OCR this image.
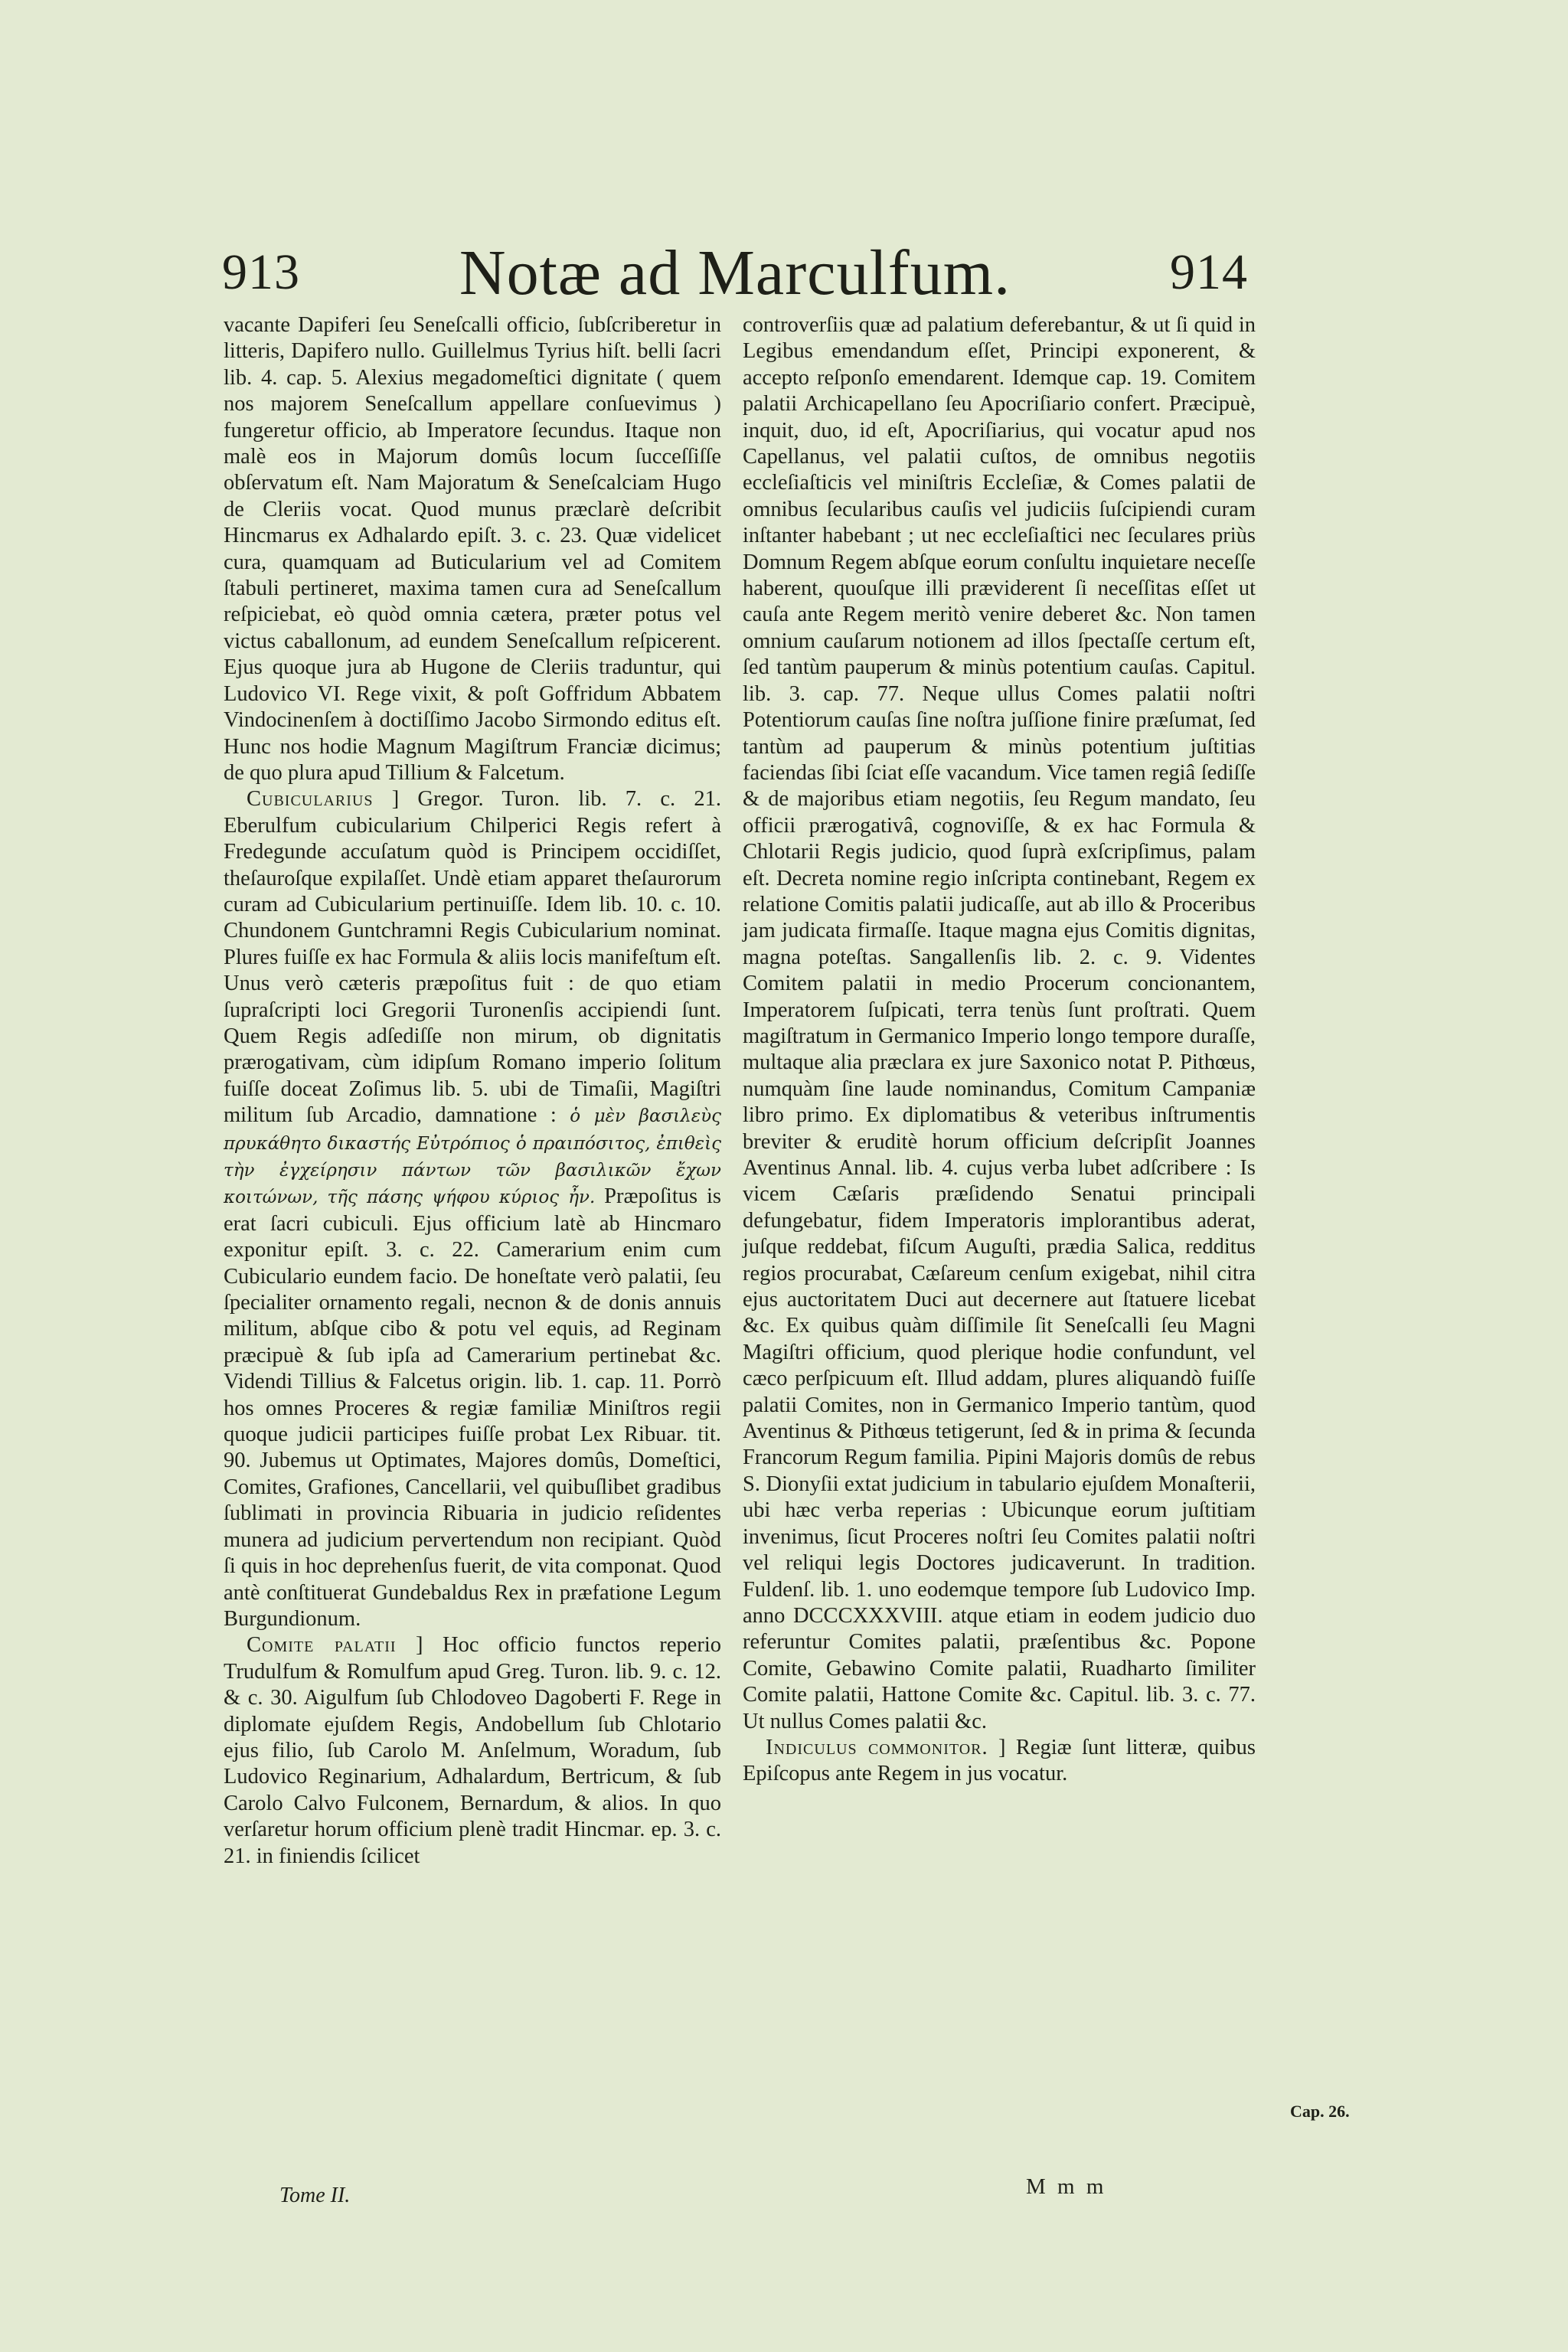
913	Notæ ad Marculfum.	914

vacante Dapiferi ſeu Seneſcalli officio, ſubſcriberetur in litteris, Dapifero nullo. Guillelmus Tyrius hiſt. belli ſacri lib. 4. cap. 5. Alexius megadomeſtici dignitate ( quem nos majorem Seneſcallum appellare conſuevimus ) fungeretur officio, ab Imperatore ſecundus. Itaque non malè eos in Majorum domûs locum ſucceſſiſſe obſervatum eſt. Nam Majoratum & Seneſcalciam Hugo de Cleriis vocat. Quod munus præclarè deſcribit Hincmarus ex Adhalardo epiſt. 3. c. 23. Quæ videlicet cura, quamquam ad Buticularium vel ad Comitem ſtabuli pertineret, maxima tamen cura ad Seneſcallum reſpiciebat, eò quòd omnia cætera, præter potus vel victus caballonum, ad eundem Seneſcallum reſpicerent. Ejus quoque jura ab Hugone de Cleriis traduntur, qui Ludovico VI. Rege vixit, & poſt Goffridum Abbatem Vindocinenſem à doctiſſimo Jacobo Sirmondo editus eſt. Hunc nos hodie Magnum Magiſtrum Franciæ dicimus; de quo plura apud Tillium & Falcetum.

Cubicularius ] Gregor. Turon. lib. 7. c. 21. Eberulfum cubicularium Chilperici Regis refert à Fredegunde accuſatum quòd is Principem occidiſſet, theſauroſque expilaſſet. Undè etiam apparet theſaurorum curam ad Cubicularium pertinuiſſe. Idem lib. 10. c. 10. Chundonem Guntchramni Regis Cubicularium nominat. Plures fuiſſe ex hac Formula & aliis locis manifeſtum eſt. Unus verò cæteris præpoſitus fuit : de quo etiam ſupraſcripti loci Gregorii Turonenſis accipiendi ſunt. Quem Regis adſediſſe non mirum, ob dignitatis prærogativam, cùm idipſum Romano imperio ſolitum fuiſſe doceat Zoſimus lib. 5. ubi de Timaſii, Magiſtri militum ſub Arcadio, damnatione : ὁ μὲν βασιλεὺς πρυκάθητο δικαστής Εὐτρόπιος ὁ πραιπόσιτος, ἐπιθεὶς τὴν ἐγχείρησιν πάντων τῶν βασιλικῶν ἔχων κοιτώνων, τῆς πάσης ψήφου κύριος ἦν. Præpoſitus is erat ſacri cubiculi. Ejus officium latè ab Hincmaro exponitur epiſt. 3. c. 22. Camerarium enim cum Cubiculario eundem facio. De honeſtate verò palatii, ſeu ſpecialiter ornamento regali, necnon & de donis annuis militum, abſque cibo & potu vel equis, ad Reginam præcipuè & ſub ipſa ad Camerarium pertinebat &c. Videndi Tillius & Falcetus origin. lib. 1. cap. 11. Porrò hos omnes Proceres & regiæ familiæ Miniſtros regii quoque judicii participes fuiſſe probat Lex Ribuar. tit. 90. Jubemus ut Optimates, Majores domûs, Domeſtici, Comites, Grafiones, Cancellarii, vel quibuſlibet gradibus ſublimati in provincia Ribuaria in judicio reſidentes munera ad judicium pervertendum non recipiant. Quòd ſi quis in hoc deprehenſus fuerit, de vita componat. Quod antè conſtituerat Gundebaldus Rex in præfatione Legum Burgundionum.

Comite palatii ] Hoc officio functos reperio Trudulfum & Romulfum apud Greg. Turon. lib. 9. c. 12. & c. 30. Aigulfum ſub Chlodoveo Dagoberti F. Rege in diplomate ejuſdem Regis, Andobellum ſub Chlotario ejus filio, ſub Carolo M. Anſelmum, Woradum, ſub Ludovico Reginarium, Adhalardum, Bertricum, & ſub Carolo Calvo Fulconem, Bernardum, & alios. In quo verſaretur horum officium plenè tradit Hincmar. ep. 3. c. 21. in finiendis ſcilicet

controverſiis quæ ad palatium deferebantur, & ut ſi quid in Legibus emendandum eſſet, Principi exponerent, & accepto reſponſo emendarent. Idemque cap. 19. Comitem palatii Archicapellano ſeu Apocriſiario confert. Præcipuè, inquit, duo, id eſt, Apocriſiarius, qui vocatur apud nos Capellanus, vel palatii cuſtos, de omnibus negotiis eccleſiaſticis vel miniſtris Eccleſiæ, & Comes palatii de omnibus ſecularibus cauſis vel judiciis ſuſcipiendi curam inſtanter habebant ; ut nec eccleſiaſtici nec ſeculares priùs Domnum Regem abſque eorum conſultu inquietare neceſſe haberent, quouſque illi præviderent ſi neceſſitas eſſet ut cauſa ante Regem meritò venire deberet &c. Non tamen omnium cauſarum notionem ad illos ſpectaſſe certum eſt, ſed tantùm pauperum & minùs potentium cauſas. Capitul. lib. 3. cap. 77. Neque ullus Comes palatii noſtri Potentiorum cauſas ſine noſtra juſſione finire præſumat, ſed tantùm ad pauperum & minùs potentium juſtitias faciendas ſibi ſciat eſſe vacandum. Vice tamen regiâ ſediſſe & de majoribus etiam negotiis, ſeu Regum mandato, ſeu officii prærogativâ, cognoviſſe, & ex hac Formula & Chlotarii Regis judicio, quod ſuprà exſcripſimus, palam eſt. Decreta nomine regio inſcripta continebant, Regem ex relatione Comitis palatii judicaſſe, aut ab illo & Proceribus jam judicata firmaſſe. Itaque magna ejus Comitis dignitas, magna poteſtas. Sangallenſis lib. 2. c. 9. Videntes Comitem palatii in medio Procerum concionantem, Imperatorem ſuſpicati, terra tenùs ſunt proſtrati. Quem magiſtratum in Germanico Imperio longo tempore duraſſe, multaque alia præclara ex jure Saxonico notat P. Pithœus, numquàm ſine laude nominandus, Comitum Campaniæ libro primo. Ex diplomatibus & veteribus inſtrumentis breviter & eruditè horum officium deſcripſit Joannes Aventinus Annal. lib. 4. cujus verba lubet adſcribere : Is vicem Cæſaris præſidendo Senatui principali defungebatur, fidem Imperatoris implorantibus aderat, juſque reddebat, fiſcum Auguſti, prædia Salica, redditus regios procurabat, Cæſareum cenſum exigebat, nihil citra ejus auctoritatem Duci aut decernere aut ſtatuere licebat &c. Ex quibus quàm diſſimile ſit Seneſcalli ſeu Magni Magiſtri officium, quod plerique hodie confundunt, vel cæco perſpicuum eſt. Illud addam, plures aliquandò fuiſſe palatii Comites, non in Germanico Imperio tantùm, quod Aventinus & Pithœus tetigerunt, ſed & in prima & ſecunda Francorum Regum familia. Pipini Majoris domûs de rebus S. Dionyſii extat judicium in tabulario ejuſdem Monaſterii, ubi hæc verba reperias : Ubicunque eorum juſtitiam invenimus, ſicut Proceres noſtri ſeu Comites palatii noſtri vel reliqui legis Doctores judicaverunt. In tradition. Fuldenſ. lib. 1. uno eodemque tempore ſub Ludovico Imp. anno DCCCXXXVIII. atque etiam in eodem judicio duo referuntur Comites palatii, præſentibus &c. Popone Comite, Gebawino Comite palatii, Ruadharto ſimiliter Comite palatii, Hattone Comite &c. Capitul. lib. 3. c. 77. Ut nullus Comes palatii &c.

Indiculus commonitor. ] Regiæ ſunt litteræ, quibus Epiſcopus ante Regem in jus vocatur.

Tome II.	M m m
Cap. 26.
